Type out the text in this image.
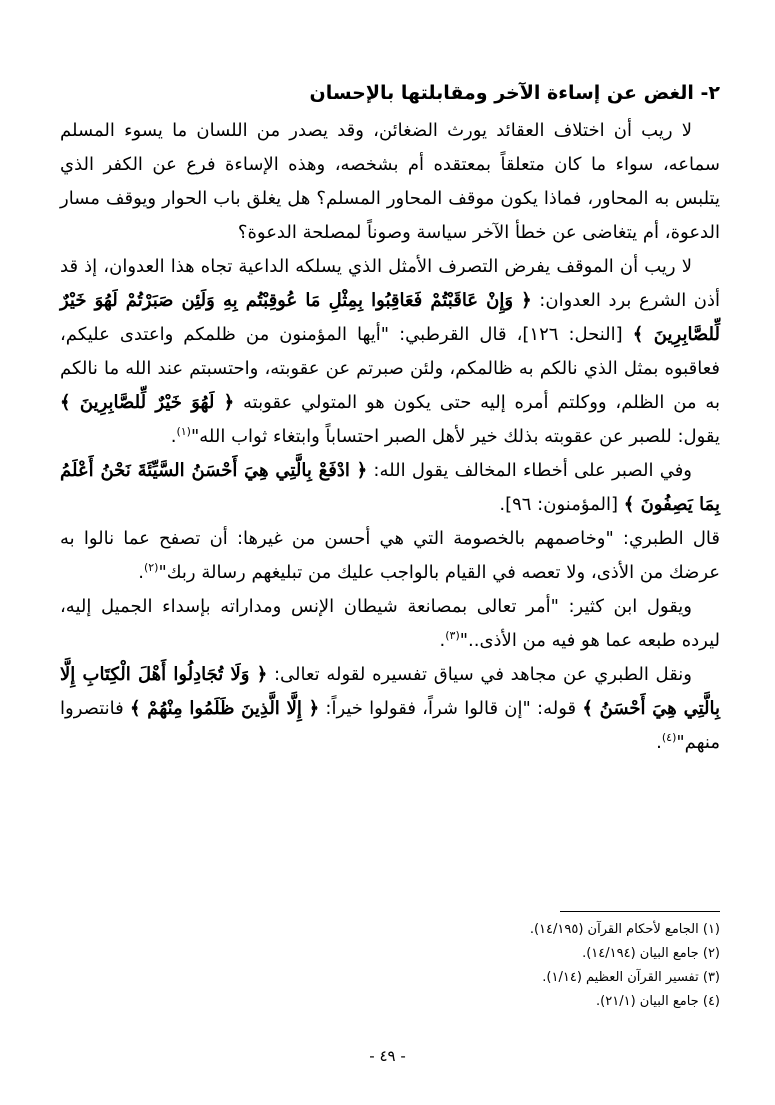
٢- الغض عن إساءة الآخر ومقابلتها بالإحسان

لا ريب أن اختلاف العقائد يورث الضغائن، وقد يصدر من اللسان ما يسوء المسلم سماعه، سواء ما كان متعلقاً بمعتقده أم بشخصه، وهذه الإساءة فرع عن الكفر الذي يتلبس به المحاور، فماذا يكون موقف المحاور المسلم؟ هل يغلق باب الحوار ويوقف مسار الدعوة، أم يتغاضى عن خطأ الآخر سياسة وصوناً لمصلحة الدعوة؟

لا ريب أن الموقف يفرض التصرف الأمثل الذي يسلكه الداعية تجاه هذا العدوان، إذ قد أذن الشرع برد العدوان: ﴿ وَإِنْ عَاقَبْتُمْ فَعَاقِبُوا بِمِثْلِ مَا عُوقِبْتُم بِهِ وَلَئِن صَبَرْتُمْ لَهُوَ خَيْرٌ لِّلصَّابِرِينَ ﴾ [النحل: ١٢٦]، قال القرطبي: "أيها المؤمنون من ظلمكم واعتدى عليكم، فعاقبوه بمثل الذي نالكم به ظالمكم، ولئن صبرتم عن عقوبته، واحتسبتم عند الله ما نالكم به من الظلم، ووكلتم أمره إليه حتى يكون هو المتولي عقوبته ﴿ لَهُوَ خَيْرٌ لِّلصَّابِرِينَ ﴾ يقول: للصبر عن عقوبته بذلك خير لأهل الصبر احتساباً وابتغاء ثواب الله"$^{(١)}$.

وفي الصبر على أخطاء المخالف يقول الله: ﴿ ادْفَعْ بِالَّتِي هِيَ أَحْسَنُ السَّيِّئَةَ نَحْنُ أَعْلَمُ بِمَا يَصِفُونَ ﴾ [المؤمنون: ٩٦].

قال الطبري: "وخاصمهم بالخصومة التي هي أحسن من غيرها: أن تصفح عما نالوا به عرضك من الأذى، ولا تعصه في القيام بالواجب عليك من تبليغهم رسالة ربك"$^{(٢)}$.

ويقول ابن كثير: "أمر تعالى بمصانعة شيطان الإنس ومداراته بإسداء الجميل إليه، ليرده طبعه عما هو فيه من الأذى.."$^{(٣)}$.

ونقل الطبري عن مجاهد في سياق تفسيره لقوله تعالى: ﴿ وَلَا تُجَادِلُوا أَهْلَ الْكِتَابِ إِلَّا بِالَّتِي هِيَ أَحْسَنُ ﴾ قوله: "إن قالوا شراً، فقولوا خيراً: ﴿ إِلَّا الَّذِينَ ظَلَمُوا مِنْهُمْ ﴾ فانتصروا منهم"$^{(٤)}$.

(١) الجامع لأحكام القرآن (١٤/١٩٥).

(٢) جامع البيان (١٤/١٩٤).

(٣) تفسير القرآن العظيم (١/١٤).

(٤) جامع البيان (٢١/١).

- ٤٩ -
